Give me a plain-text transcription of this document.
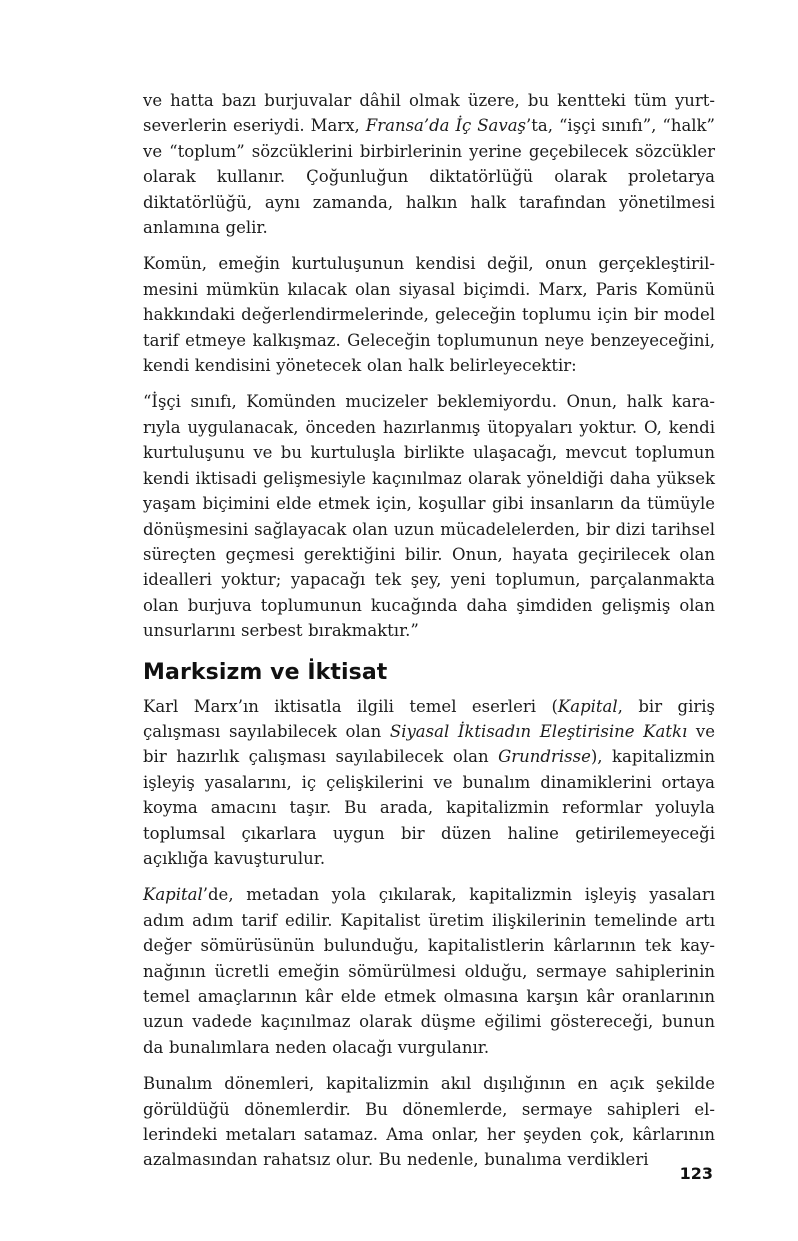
ve hatta bazı burjuvalar dâhil olmak üzere, bu kentteki tüm yurtseverlerin eseriydi. Marx, Fransa’da İç Savaş’ta, “işçi sınıfı”, “halk” ve “toplum” sözcüklerini birbirlerinin yerine geçebilecek sözcükler olarak kullanır. Çoğunluğun diktatörlüğü olarak proletarya diktatörlüğü, aynı zamanda, halkın halk tarafından yönetilmesi anlamına gelir.

Komün, emeğin kurtuluşunun kendisi değil, onun gerçekleştirilmesini mümkün kılacak olan siyasal biçimdi. Marx, Paris Komünü hakkındaki değerlendirmelerinde, geleceğin toplumu için bir model tarif etmeye kalkışmaz. Geleceğin toplumunun neye benzeyeceğini, kendi kendisini yönetecek olan halk belirleyecektir:

“İşçi sınıfı, Komünden mucizeler beklemiyordu. Onun, halk kararıyla uygulanacak, önceden hazırlanmış ütopyaları yoktur. O, kendi kurtuluşunu ve bu kurtuluşla birlikte ulaşacağı, mevcut toplumun kendi iktisadi gelişmesiyle kaçınılmaz olarak yöneldiği daha yüksek yaşam biçimini elde etmek için, koşullar gibi insanların da tümüyle dönüşmesini sağlayacak olan uzun mücadelelerden, bir dizi tarihsel süreçten geçmesi gerektiğini bilir. Onun, hayata geçirilecek olan idealleri yoktur; yapacağı tek şey, yeni toplumun, parçalanmakta olan burjuva toplumunun kucağında daha şimdiden gelişmiş olan unsurlarını serbest bırakmaktır.”

Marksizm ve İktisat

Karl Marx’ın iktisatla ilgili temel eserleri (Kapital, bir giriş çalışması sayılabilecek olan Siyasal İktisadın Eleştirisine Katkı ve bir hazırlık çalışması sayılabilecek olan Grundrisse), kapitalizmin işleyiş yasalarını, iç çelişkilerini ve bunalım dinamiklerini ortaya koyma amacını taşır. Bu arada, kapitalizmin reformlar yoluyla toplumsal çıkarlara uygun bir düzen haline getirilemeyeceği açıklığa kavuşturulur.

Kapital’de, metadan yola çıkılarak, kapitalizmin işleyiş yasaları adım adım tarif edilir. Kapitalist üretim ilişkilerinin temelinde artı değer sömürüsünün bulunduğu, kapitalistlerin kârlarının tek kaynağının ücretli emeğin sömürülmesi olduğu, sermaye sahiplerinin temel amaçlarının kâr elde etmek olmasına karşın kâr oranlarının uzun vadede kaçınılmaz olarak düşme eğilimi göstereceği, bunun da bunalımlara neden olacağı vurgulanır.

Bunalım dönemleri, kapitalizmin akıl dışılığının en açık şekilde görüldüğü dönemlerdir. Bu dönemlerde, sermaye sahipleri ellerindeki metaları satamaz. Ama onlar, her şeyden çok, kârlarının azalmasından rahatsız olur. Bu nedenle, bunalıma verdikleri

123
